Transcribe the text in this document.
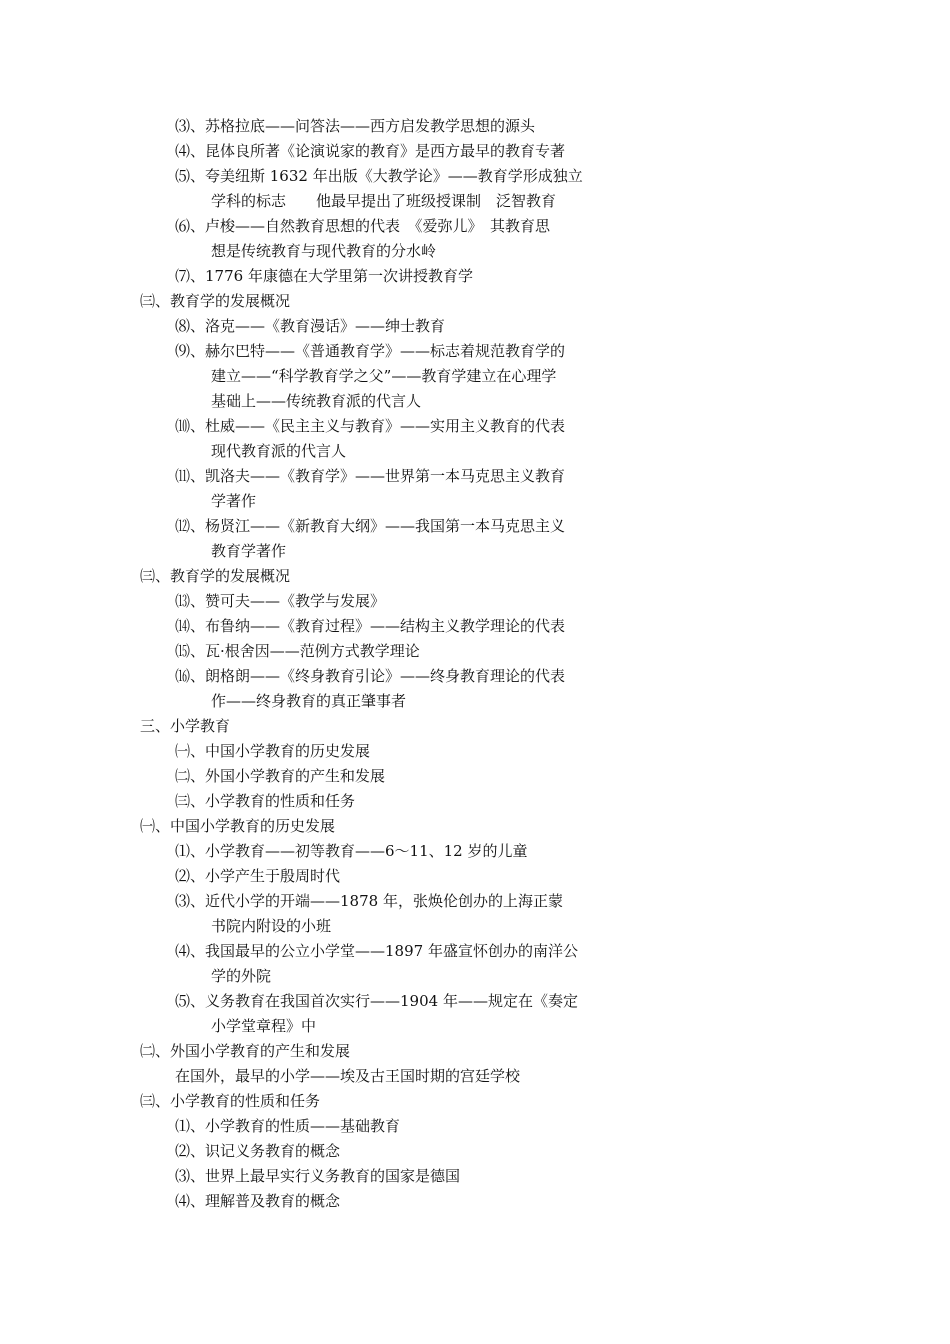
⑶、苏格拉底——问答法——西方启发教学思想的源头
⑷、昆体良所著《论演说家的教育》是西方最早的教育专著
⑸、夸美纽斯 1632 年出版《大教学论》——教育学形成独立
学科的标志　　他最早提出了班级授课制　泛智教育
⑹、卢梭——自然教育思想的代表　《爱弥儿》　其教育思
想是传统教育与现代教育的分水岭
⑺、1776 年康德在大学里第一次讲授教育学
㈢、教育学的发展概况
⑻、洛克——《教育漫话》——绅士教育
⑼、赫尔巴特——《普通教育学》——标志着规范教育学的
建立——“科学教育学之父”——教育学建立在心理学
基础上——传统教育派的代言人
⑽、杜威——《民主主义与教育》——实用主义教育的代表
现代教育派的代言人
⑾、凯洛夫——《教育学》——世界第一本马克思主义教育
学著作
⑿、杨贤江——《新教育大纲》——我国第一本马克思主义
教育学著作
㈢、教育学的发展概况
⒀、赞可夫——《教学与发展》
⒁、布鲁纳——《教育过程》——结构主义教学理论的代表
⒂、瓦·根舍因——范例方式教学理论
⒃、朗格朗——《终身教育引论》——终身教育理论的代表
作——终身教育的真正肇事者
三、小学教育
㈠、中国小学教育的历史发展
㈡、外国小学教育的产生和发展
㈢、小学教育的性质和任务
㈠、中国小学教育的历史发展
⑴、小学教育——初等教育——6～11、12 岁的儿童
⑵、小学产生于殷周时代
⑶、近代小学的开端——1878 年，张焕伦创办的上海正蒙
书院内附设的小班
⑷、我国最早的公立小学堂——1897 年盛宣怀创办的南洋公
学的外院
⑸、义务教育在我国首次实行——1904 年——规定在《奏定
小学堂章程》中
㈡、外国小学教育的产生和发展
在国外，最早的小学——埃及古王国时期的宫廷学校
㈢、小学教育的性质和任务
⑴、小学教育的性质——基础教育
⑵、识记义务教育的概念
⑶、世界上最早实行义务教育的国家是德国
⑷、理解普及教育的概念
